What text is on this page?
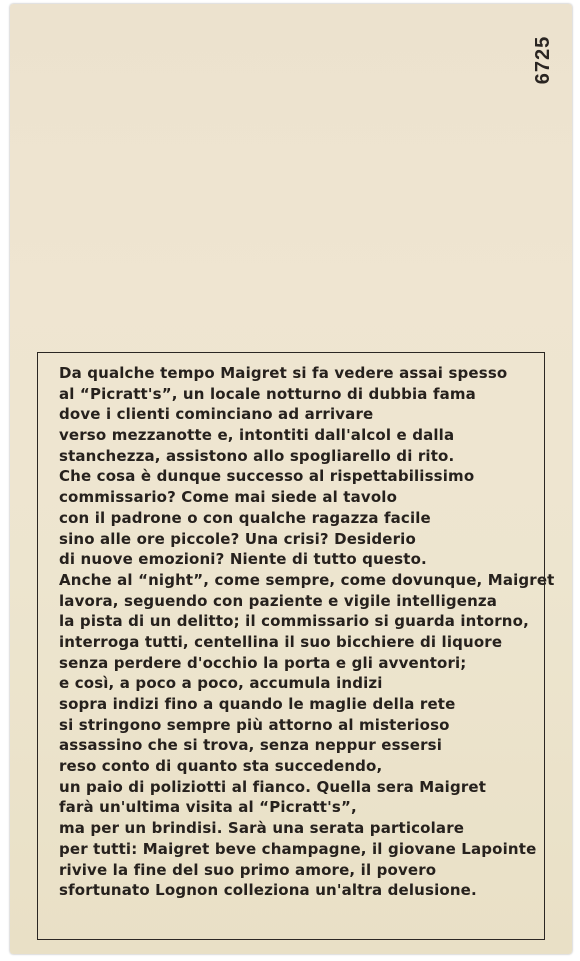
6725
Da qualche tempo Maigret si fa vedere assai spesso
al “Picratt's”, un locale notturno di dubbia fama
dove i clienti cominciano ad arrivare
verso mezzanotte e, intontiti dall'alcol e dalla
stanchezza, assistono allo spogliarello di rito.
Che cosa è dunque successo al rispettabilissimo
commissario? Come mai siede al tavolo
con il padrone o con qualche ragazza facile
sino alle ore piccole? Una crisi? Desiderio
di nuove emozioni? Niente di tutto questo.
Anche al “night”, come sempre, come dovunque, Maigret
lavora, seguendo con paziente e vigile intelligenza
la pista di un delitto; il commissario si guarda intorno,
interroga tutti, centellina il suo bicchiere di liquore
senza perdere d'occhio la porta e gli avventori;
e così, a poco a poco, accumula indizi
sopra indizi fino a quando le maglie della rete
si stringono sempre più attorno al misterioso
assassino che si trova, senza neppur essersi
reso conto di quanto sta succedendo,
un paio di poliziotti al fianco. Quella sera Maigret
farà un'ultima visita al “Picratt's”,
ma per un brindisi. Sarà una serata particolare
per tutti: Maigret beve champagne, il giovane Lapointe
rivive la fine del suo primo amore, il povero
sfortunato Lognon colleziona un'altra delusione.
